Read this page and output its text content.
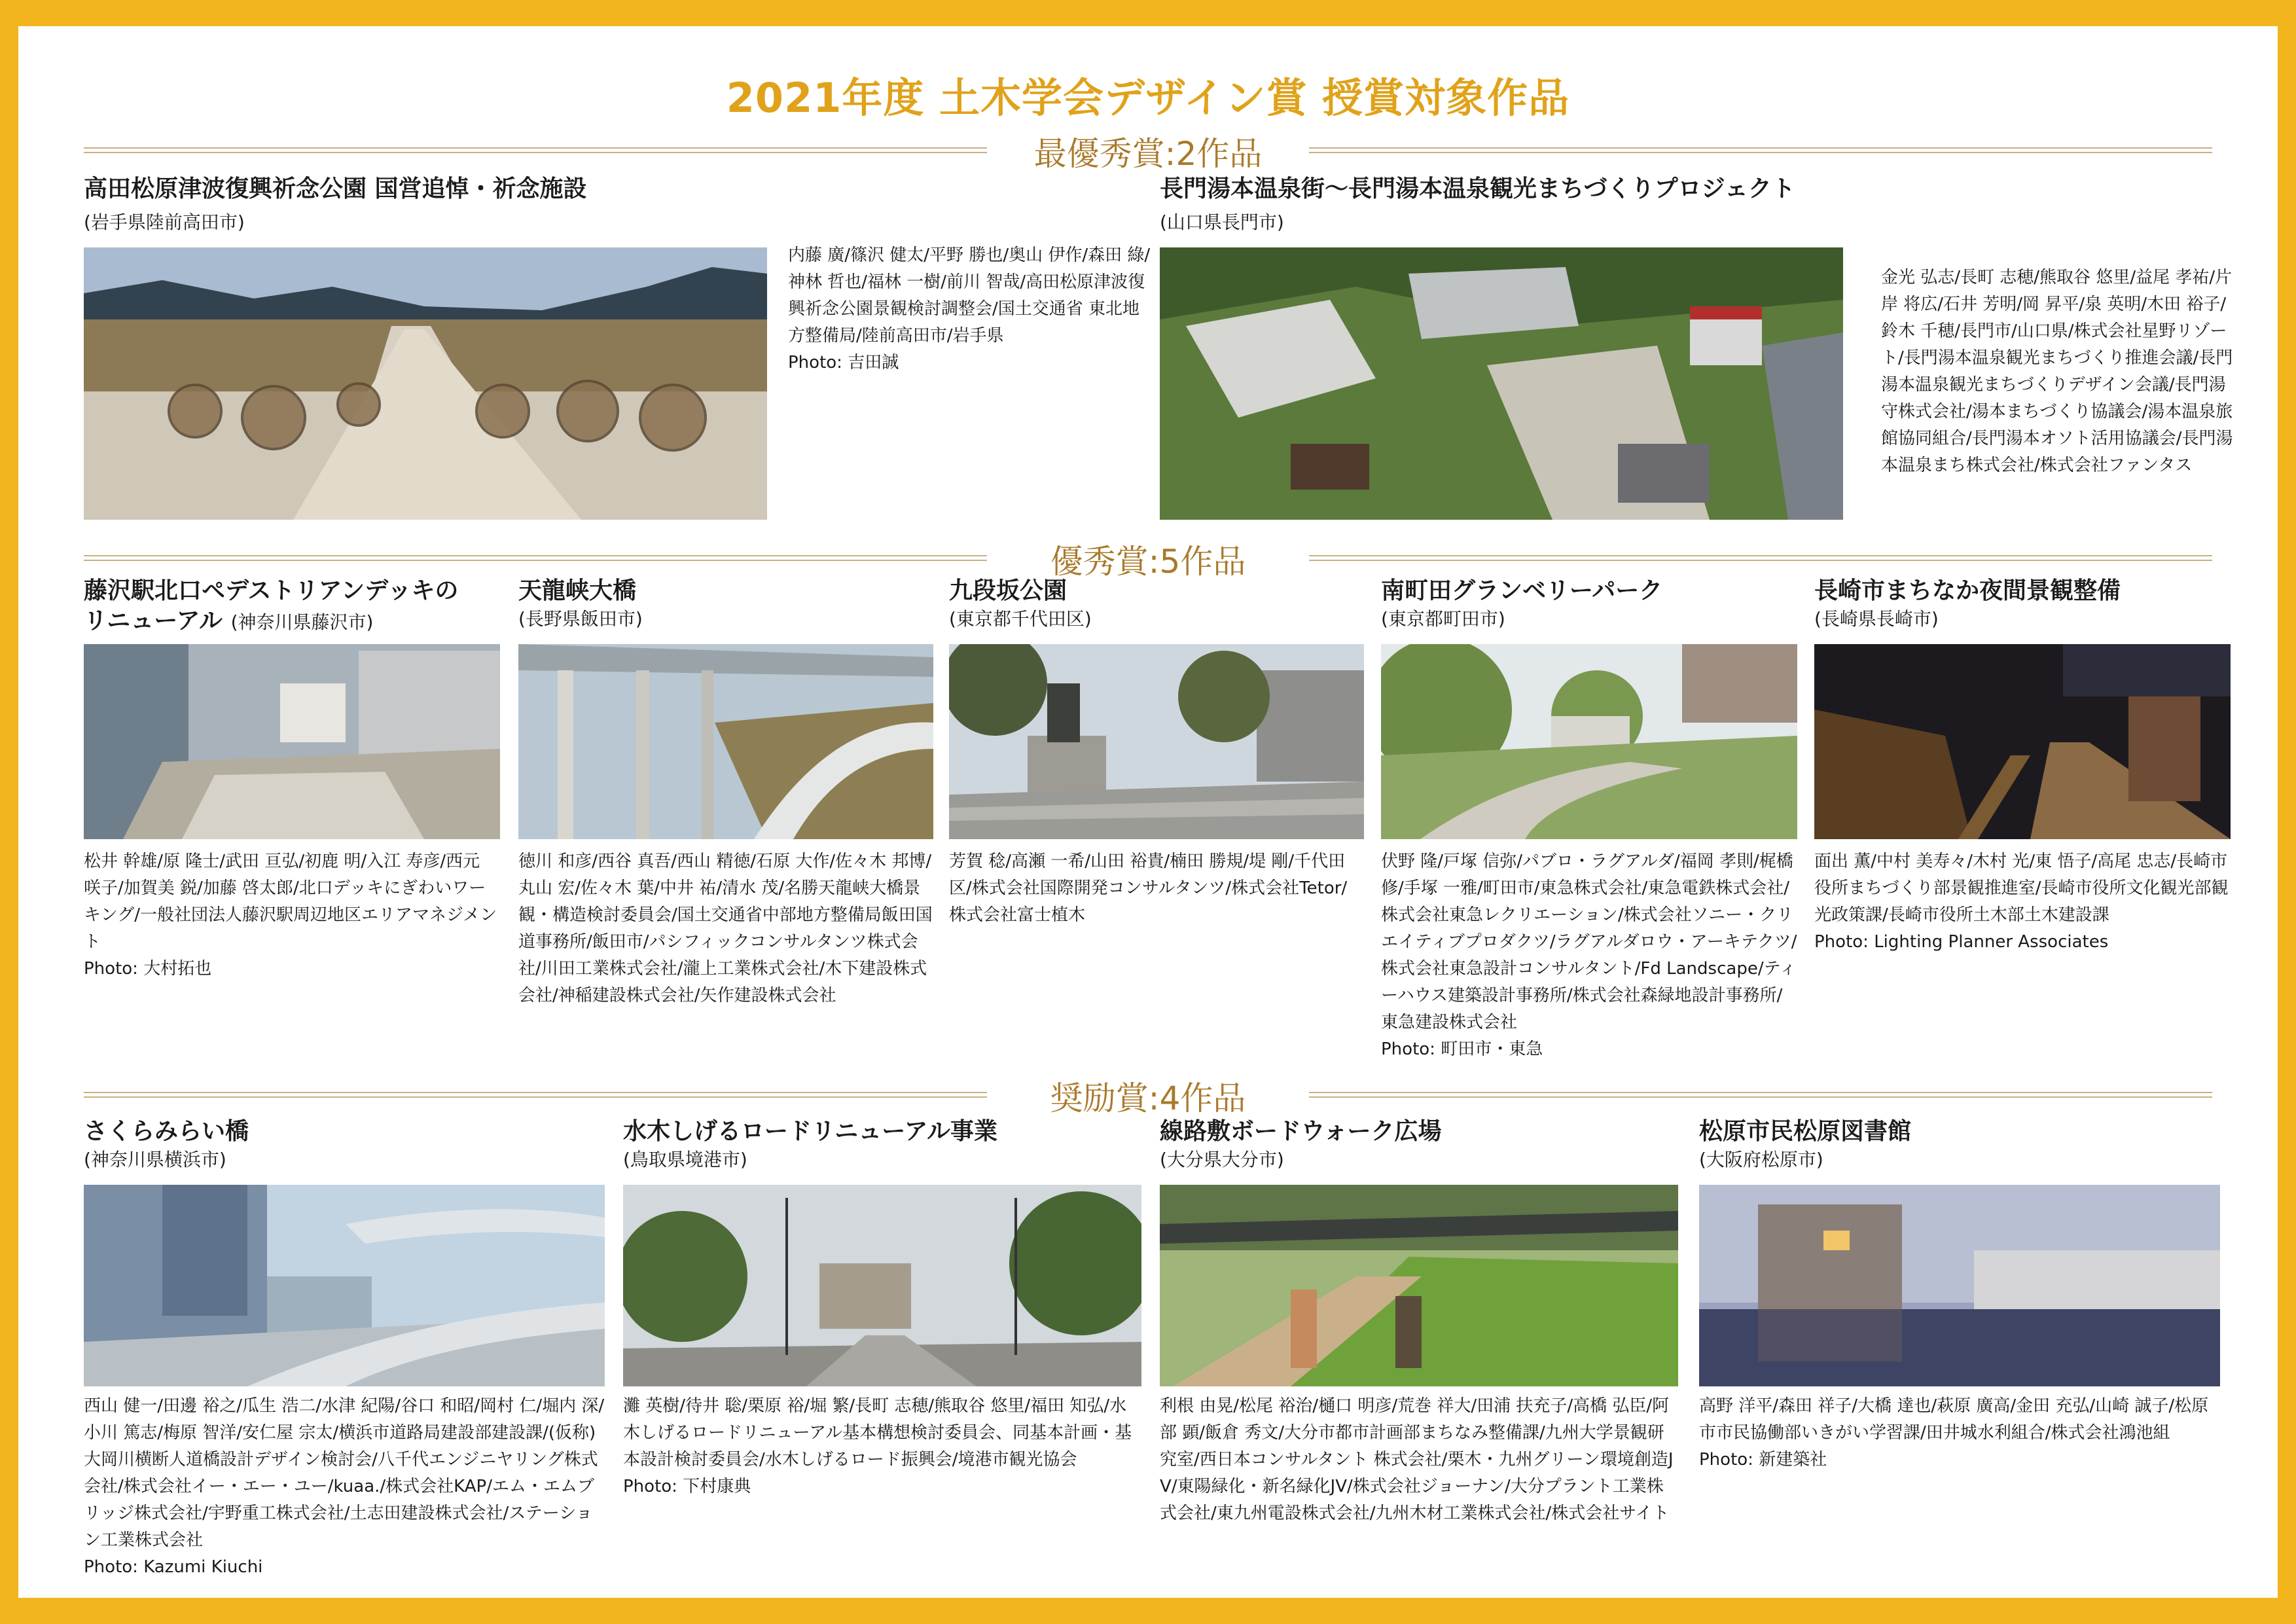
2021年度 土木学会デザイン賞 授賞対象作品
最優秀賞:2作品
高田松原津波復興祈念公園 国営追悼・祈念施設
(岩手県陸前高田市)
内藤 廣/篠沢 健太/平野 勝也/奥山 伊作/森田 綠/神林 哲也/福林 一樹/前川 智哉/高田松原津波復興祈念公園景観検討調整会/国土交通省 東北地方整備局/陸前高田市/岩手県

Photo: 吉田誠
長門湯本温泉街〜長門湯本温泉観光まちづくりプロジェクト
(山口県長門市)
金光 弘志/長町 志穂/熊取谷 悠里/益尾 孝祐/片岸 将広/石井 芳明/岡 昇平/泉 英明/木田 裕子/鈴木 千穂/長門市/山口県/株式会社星野リゾート/長門湯本温泉観光まちづくり推進会議/長門湯本温泉観光まちづくりデザイン会議/長門湯守株式会社/湯本まちづくり協議会/湯本温泉旅館協同組合/長門湯本オソト活用協議会/長門湯本温泉まち株式会社/株式会社ファンタス
優秀賞:5作品
藤沢駅北口ペデストリアンデッキの
リニューアル (神奈川県藤沢市)
松井 幹雄/原 隆士/武田 亘弘/初鹿 明/入江 寿彦/西元 咲子/加賀美 鋭/加藤 啓太郎/北口デッキにぎわいワーキング/一般社団法人藤沢駅周辺地区エリアマネジメント

Photo: 大村拓也
天龍峡大橋
(長野県飯田市)
徳川 和彦/西谷 真吾/西山 精徳/石原 大作/佐々木 邦博/丸山 宏/佐々木 葉/中井 祐/清水 茂/名勝天龍峡大橋景観・構造検討委員会/国土交通省中部地方整備局飯田国道事務所/飯田市/パシフィックコンサルタンツ株式会社/川田工業株式会社/瀧上工業株式会社/木下建設株式会社/神稲建設株式会社/矢作建設株式会社
九段坂公園
(東京都千代田区)
芳賀 稔/高瀬 一希/山田 裕貴/楠田 勝規/堤 剛/千代田区/株式会社国際開発コンサルタンツ/株式会社Tetor/株式会社富士植木
南町田グランベリーパーク
(東京都町田市)
伏野 隆/戸塚 信弥/パブロ・ラグアルダ/福岡 孝則/梶橋 修/手塚 一雅/町田市/東急株式会社/東急電鉄株式会社/株式会社東急レクリエーション/株式会社ソニー・クリエイティブプロダクツ/ラグアルダロウ・アーキテクツ/株式会社東急設計コンサルタント/Fd Landscape/ティーハウス建築設計事務所/株式会社森緑地設計事務所/東急建設株式会社

Photo: 町田市・東急
長崎市まちなか夜間景観整備
(長崎県長崎市)
面出 薫/中村 美寿々/木村 光/東 悟子/高尾 忠志/長崎市役所まちづくり部景観推進室/長崎市役所文化観光部観光政策課/長崎市役所土木部土木建設課

Photo: Lighting Planner Associates
奨励賞:4作品
さくらみらい橋
(神奈川県横浜市)
西山 健一/田邊 裕之/瓜生 浩二/水津 紀陽/谷口 和昭/岡村 仁/堀内 深/小川 篤志/梅原 智洋/安仁屋 宗太/横浜市道路局建設部建設課/(仮称)大岡川横断人道橋設計デザイン検討会/八千代エンジニヤリング株式会社/株式会社イー・エー・ユー/kuaa./株式会社KAP/エム・エムブリッジ株式会社/宇野重工株式会社/土志田建設株式会社/ステーション工業株式会社

Photo: Kazumi Kiuchi
水木しげるロードリニューアル事業
(鳥取県境港市)
灘 英樹/待井 聡/栗原 裕/堀 繁/長町 志穂/熊取谷 悠里/福田 知弘/水木しげるロードリニューアル基本構想検討委員会、同基本計画・基本設計検討委員会/水木しげるロード振興会/境港市観光協会

Photo: 下村康典
線路敷ボードウォーク広場
(大分県大分市)
利根 由晃/松尾 裕治/樋口 明彦/荒巻 祥大/田浦 扶充子/高橋 弘臣/阿部 顕/飯倉 秀文/大分市都市計画部まちなみ整備課/九州大学景観研究室/西日本コンサルタント 株式会社/栗木・九州グリーン環境創造JV/東陽緑化・新名緑化JV/株式会社ジョーナン/大分プラント工業株式会社/東九州電設株式会社/九州木材工業株式会社/株式会社サイト
松原市民松原図書館
(大阪府松原市)
高野 洋平/森田 祥子/大橋 達也/萩原 廣高/金田 充弘/山崎 誠子/松原市市民協働部いきがい学習課/田井城水利組合/株式会社鴻池組

Photo: 新建築社
